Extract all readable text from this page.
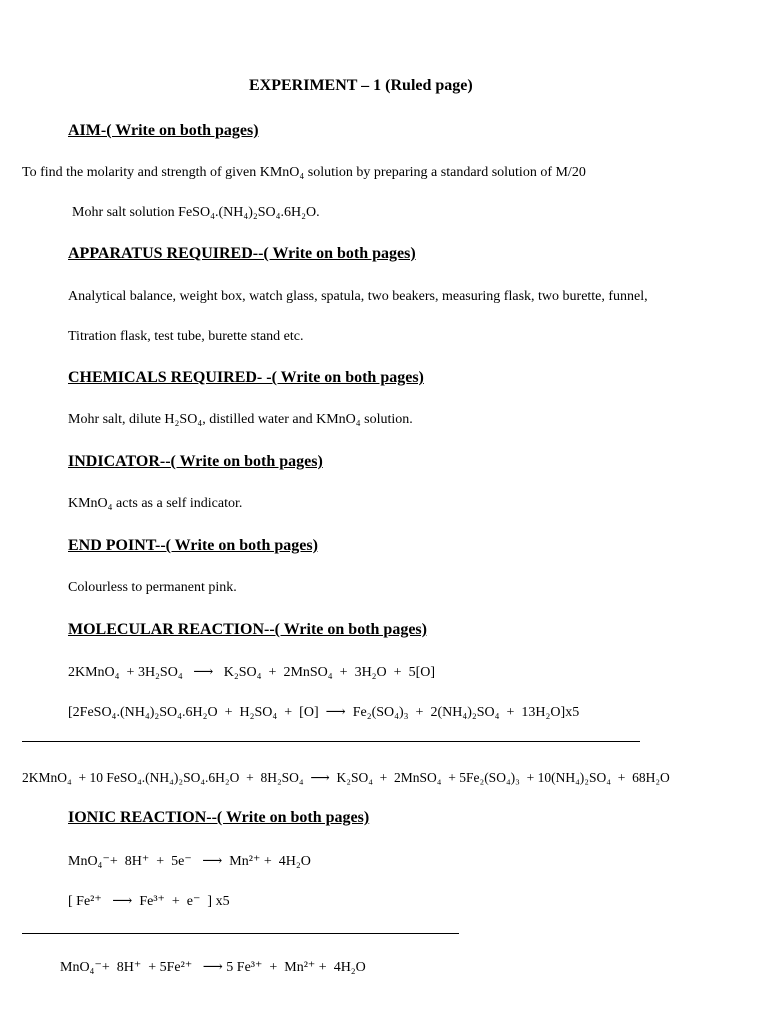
EXPERIMENT – 1 (Ruled page)
AIM-( Write on both pages)
To find the molarity and strength of given KMnO₄ solution by preparing a standard solution of M/20
Mohr salt solution FeSO₄.(NH₄)₂SO₄.6H₂O.
APPARATUS REQUIRED--( Write on both pages)
Analytical balance, weight box, watch glass, spatula, two beakers, measuring flask, two burette, funnel,
Titration flask, test tube, burette stand etc.
CHEMICALS REQUIRED- -( Write on both pages)
Mohr salt, dilute H₂SO₄, distilled water and KMnO₄ solution.
INDICATOR--( Write on both pages)
KMnO₄ acts as a self indicator.
END POINT--( Write on both pages)
Colourless to permanent pink.
MOLECULAR REACTION--( Write on both pages)
2KMnO₄  + 3H₂SO₄   ⟶   K₂SO₄  +  2MnSO₄  +  3H₂O  +  5[O]
[2FeSO₄.(NH₄)₂SO₄.6H₂O  +  H₂SO₄  +  [O]  ⟶  Fe₂(SO₄)₃  +  2(NH₄)₂SO₄  +  13H₂O]x5
2KMnO₄  + 10 FeSO₄.(NH₄)₂SO₄.6H₂O  +  8H₂SO₄  ⟶  K₂SO₄  +  2MnSO₄  + 5Fe₂(SO₄)₃  + 10(NH₄)₂SO₄  +  68H₂O
IONIC REACTION--( Write on both pages)
MnO₄⁻+  8H⁺  +  5e⁻   ⟶  Mn²⁺ +  4H₂O
[ Fe²⁺   ⟶  Fe³⁺  +  e⁻  ] x5
MnO₄⁻+  8H⁺  + 5Fe²⁺   ⟶ 5 Fe³⁺  +  Mn²⁺ +  4H₂O
